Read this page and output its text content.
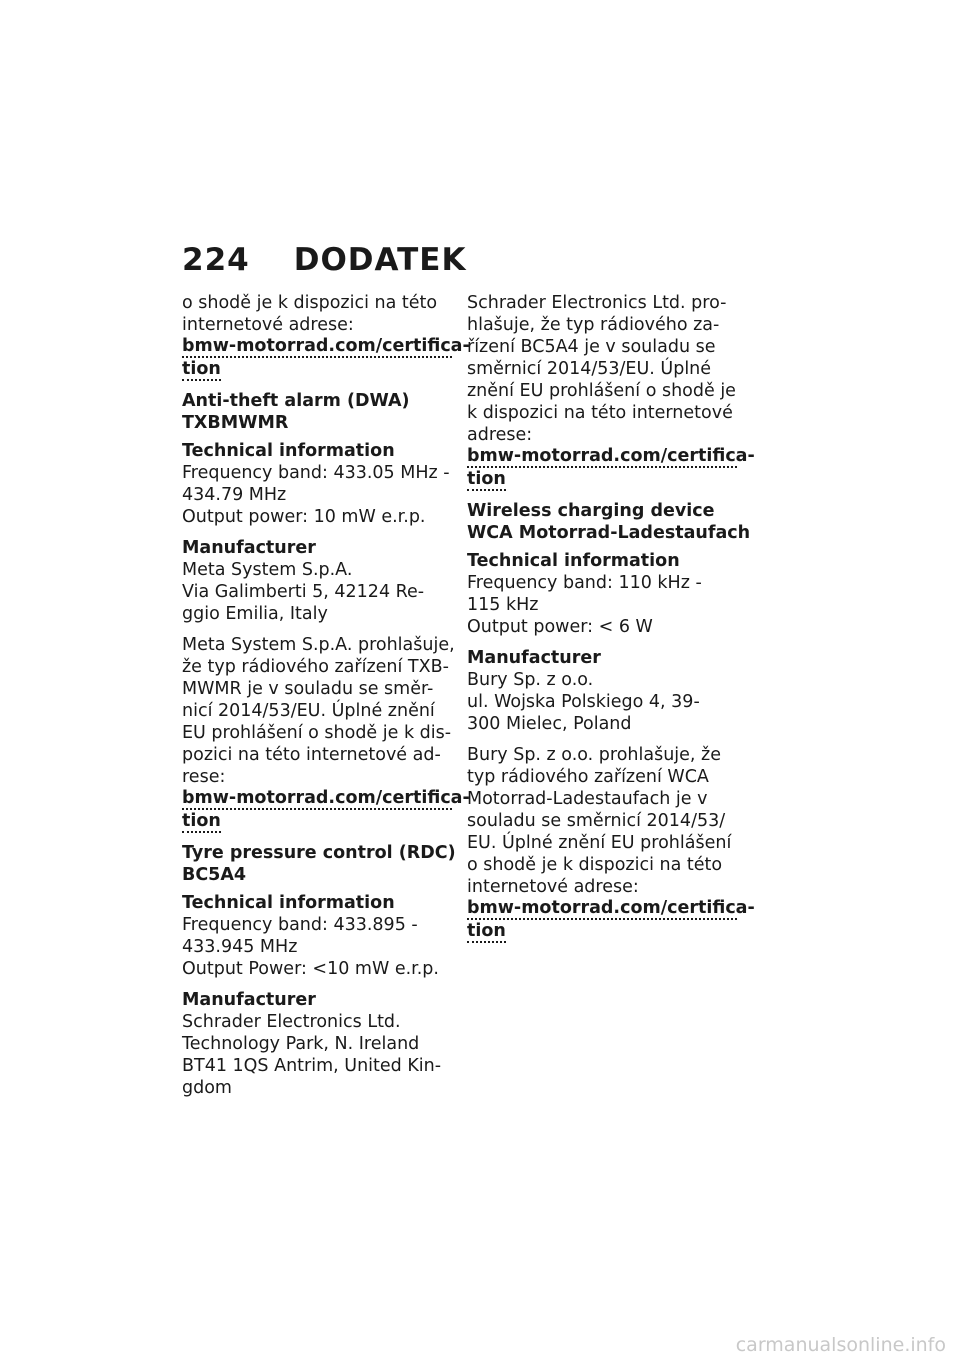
224 DODATEK
o shodě je k dispozici na této
internetové adrese:
bmw-motorrad.com/certifica-
tion
Anti-theft alarm (DWA)
TXBMWMR
Technical information
Frequency band: 433.05 MHz -
434.79 MHz
Output power: 10 mW e.r.p.
Manufacturer
Meta System S.p.A.
Via Galimberti 5, 42124 Re-
ggio Emilia, Italy
Meta System S.p.A. prohlašuje,
že typ rádiového zařízení TXB-
MWMR je v souladu se směr-
nicí 2014/53/EU. Úplné znění
EU prohlášení o shodě je k dis-
pozici na této internetové ad-
rese:
bmw-motorrad.com/certifica-
tion
Tyre pressure control (RDC)
BC5A4
Technical information
Frequency band: 433.895 -
433.945 MHz
Output Power: <10 mW e.r.p.
Manufacturer
Schrader Electronics Ltd.
Technology Park, N. Ireland
BT41 1QS Antrim, United Kin-
gdom
Schrader Electronics Ltd. pro-
hlašuje, že typ rádiového za-
řízení BC5A4 je v souladu se
směrnicí 2014/53/EU. Úplné
znění EU prohlášení o shodě je
k dispozici na této internetové
adrese:
bmw-motorrad.com/certifica-
tion
Wireless charging device
WCA Motorrad-Ladestaufach
Technical information
Frequency band: 110 kHz -
115 kHz
Output power: < 6 W
Manufacturer
Bury Sp. z o.o.
ul. Wojska Polskiego 4, 39-
300 Mielec, Poland
Bury Sp. z o.o. prohlašuje, že
typ rádiového zařízení WCA
Motorrad-Ladestaufach je v
souladu se směrnicí 2014/53/
EU. Úplné znění EU prohlášení
o shodě je k dispozici na této
internetové adrese:
bmw-motorrad.com/certifica-
tion
carmanualsonline.info
